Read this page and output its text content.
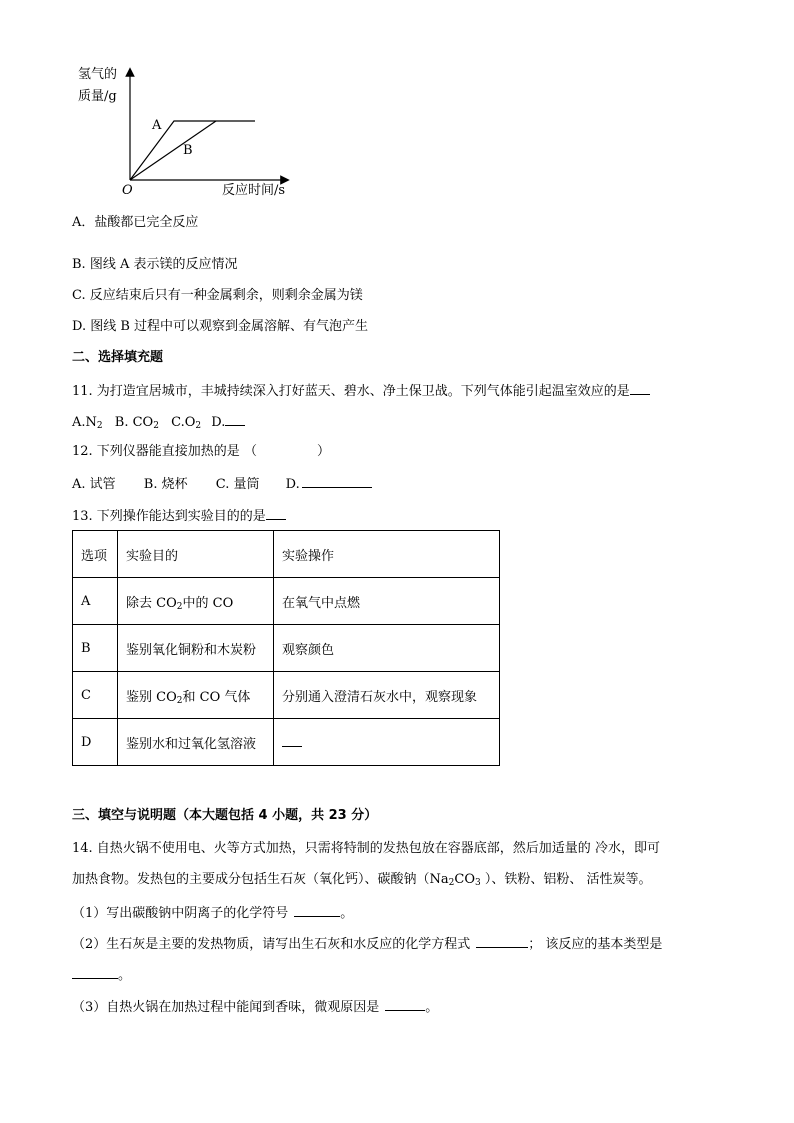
氢气的
质量/g
O	反应时间/s
A
B
A．盐酸都已完全反应
B. 图线 A 表示镁的反应情况
C. 反应结束后只有一种金属剩余，则剩余金属为镁
D. 图线 B 过程中可以观察到金属溶解、有气泡产生
二、选择填充题
11. 为打造宜居城市，丰城持续深入打好蓝天、碧水、净土保卫战。下列气体能引起温室效应的是
$A.N_2$ B. $CO_2$ $C.O_2$ D.
12. 下列仪器能直接加热的是 （	）
A. 试管 B. 烧杯 C. 量筒 D.
13. 下列操作能达到实验目的的是
选项	实验目的	实验操作
A	除去 $CO_2$中的 CO	在氧气中点燃
B	鉴别氧化铜粉和木炭粉	观察颜色
C	鉴别 $CO_2$和 CO 气体	分别通入澄清石灰水中，观察现象
D	鉴别水和过氧化氢溶液	
三、填空与说明题（本大题包括 4 小题，共 23 分）
14. 自热火锅不使用电、火等方式加热，只需将特制的发热包放在容器底部，然后加适量的 冷水，即可
加热食物。发热包的主要成分包括生石灰（氧化钙）、碳酸钠（$Na_2CO_3$ ）、铁粉、铝粉、 活性炭等。
（1）写出碳酸钠中阴离子的化学符号	。
（2）生石灰是主要的发热物质，请写出生石灰和水反应的化学方程式	； 该反应的基本类型是
。
（3）自热火锅在加热过程中能闻到香味，微观原因是	。
